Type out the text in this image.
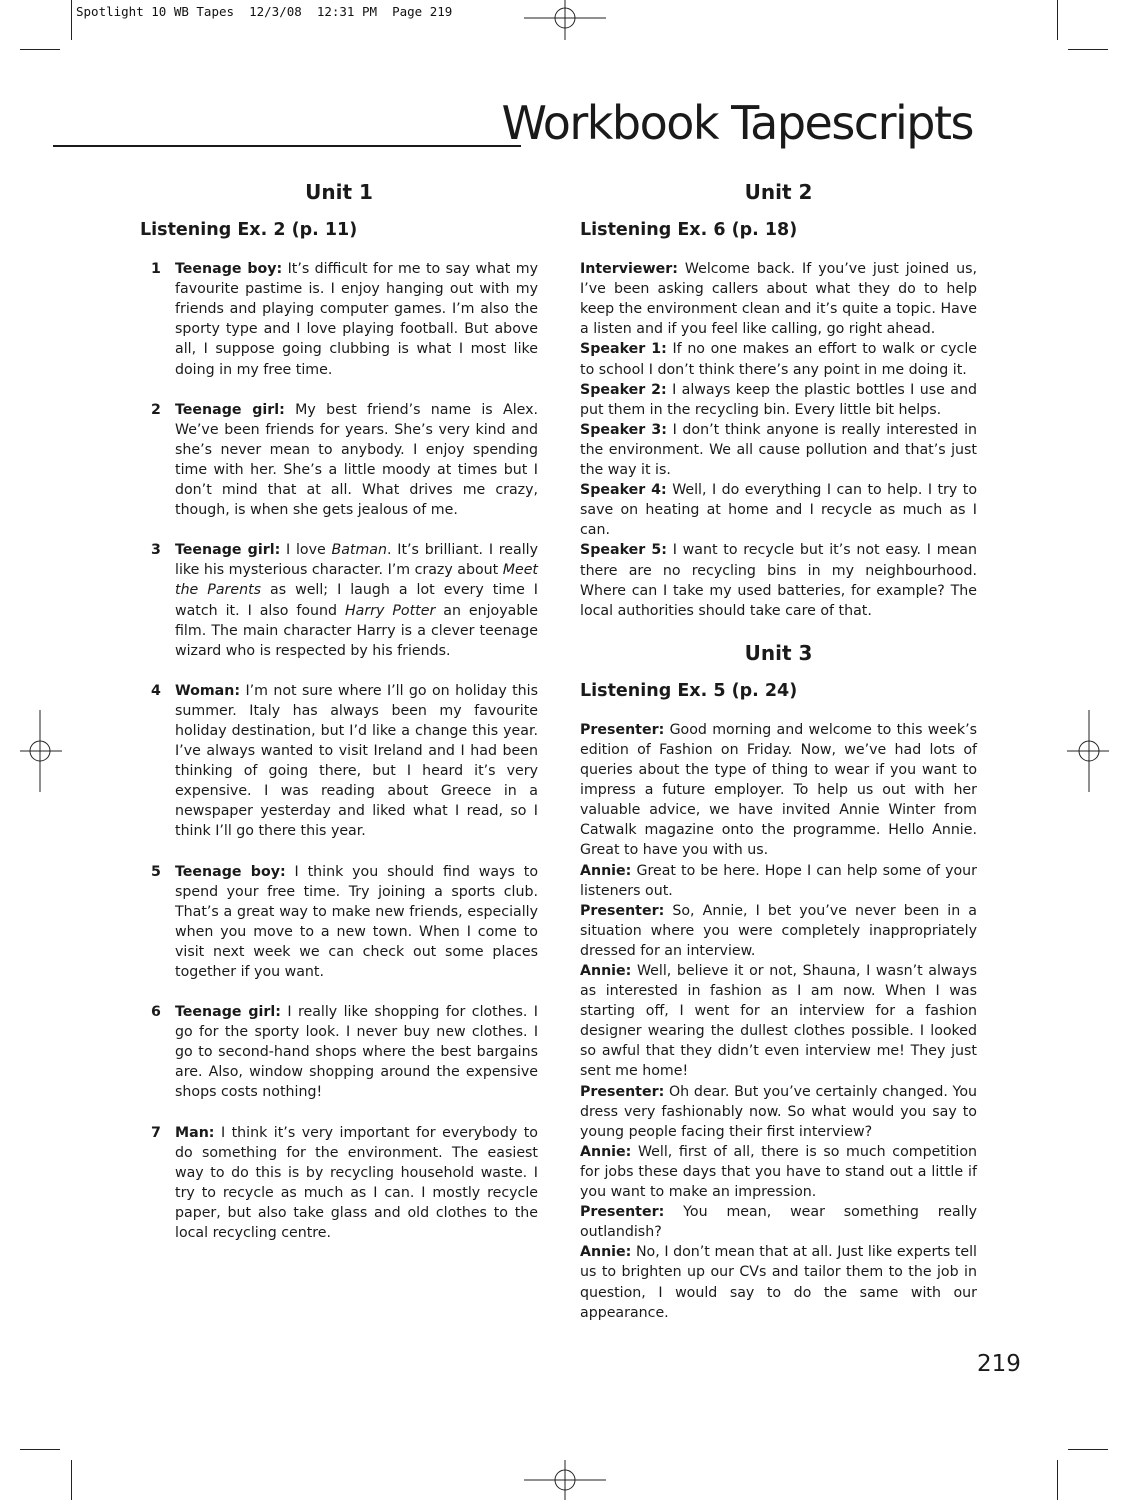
Spotlight 10 WB Tapes  12/3/08  12:31 PM  Page 219
Workbook Tapescripts
Unit 1
Listening Ex. 2 (p. 11)
1 Teenage boy: It’s difficult for me to say what my favourite pastime is. I enjoy hanging out with my friends and playing computer games. I’m also the sporty type and I love playing football. But above all, I suppose going clubbing is what I most like doing in my free time.
2 Teenage girl: My best friend’s name is Alex. We’ve been friends for years. She’s very kind and she’s never mean to anybody. I enjoy spending time with her. She’s a little moody at times but I don’t mind that at all. What drives me crazy, though, is when she gets jealous of me.
3 Teenage girl: I love Batman. It’s brilliant. I really like his mysterious character. I’m crazy about Meet the Parents as well; I laugh a lot every time I watch it. I also found Harry Potter an enjoyable film. The main character Harry is a clever teenage wizard who is respected by his friends.
4 Woman: I’m not sure where I’ll go on holiday this summer. Italy has always been my favourite holiday destination, but I’d like a change this year. I’ve always wanted to visit Ireland and I had been thinking of going there, but I heard it’s very expensive. I was reading about Greece in a newspaper yesterday and liked what I read, so I think I’ll go there this year.
5 Teenage boy: I think you should find ways to spend your free time. Try joining a sports club. That’s a great way to make new friends, especially when you move to a new town. When I come to visit next week we can check out some places together if you want.
6 Teenage girl: I really like shopping for clothes. I go for the sporty look. I never buy new clothes. I go to second-hand shops where the best bargains are. Also, window shopping around the expensive shops costs nothing!
7 Man: I think it’s very important for everybody to do something for the environment. The easiest way to do this is by recycling household waste. I try to recycle as much as I can. I mostly recycle paper, but also take glass and old clothes to the local recycling centre.
Unit 2
Listening Ex. 6 (p. 18)
Interviewer: Welcome back. If you’ve just joined us, I’ve been asking callers about what they do to help keep the environment clean and it’s quite a topic. Have a listen and if you feel like calling, go right ahead.
Speaker 1: If no one makes an effort to walk or cycle to school I don’t think there’s any point in me doing it.
Speaker 2: I always keep the plastic bottles I use and put them in the recycling bin. Every little bit helps.
Speaker 3: I don’t think anyone is really interested in the environment. We all cause pollution and that’s just the way it is.
Speaker 4: Well, I do everything I can to help. I try to save on heating at home and I recycle as much as I can.
Speaker 5: I want to recycle but it’s not easy. I mean there are no recycling bins in my neighbourhood. Where can I take my used batteries, for example? The local authorities should take care of that.
Unit 3
Listening Ex. 5 (p. 24)
Presenter: Good morning and welcome to this week’s edition of Fashion on Friday. Now, we’ve had lots of queries about the type of thing to wear if you want to impress a future employer. To help us out with her valuable advice, we have invited Annie Winter from Catwalk magazine onto the programme. Hello Annie. Great to have you with us.
Annie: Great to be here. Hope I can help some of your listeners out.
Presenter: So, Annie, I bet you’ve never been in a situation where you were completely inappropriately dressed for an interview.
Annie: Well, believe it or not, Shauna, I wasn’t always as interested in fashion as I am now. When I was starting off, I went for an interview for a fashion designer wearing the dullest clothes possible. I looked so awful that they didn’t even interview me! They just sent me home!
Presenter: Oh dear. But you’ve certainly changed. You dress very fashionably now. So what would you say to young people facing their first interview?
Annie: Well, first of all, there is so much competition for jobs these days that you have to stand out a little if you want to make an impression.
Presenter: You mean, wear something really outlandish?
Annie: No, I don’t mean that at all. Just like experts tell us to brighten up our CVs and tailor them to the job in question, I would say to do the same with our appearance.
219
